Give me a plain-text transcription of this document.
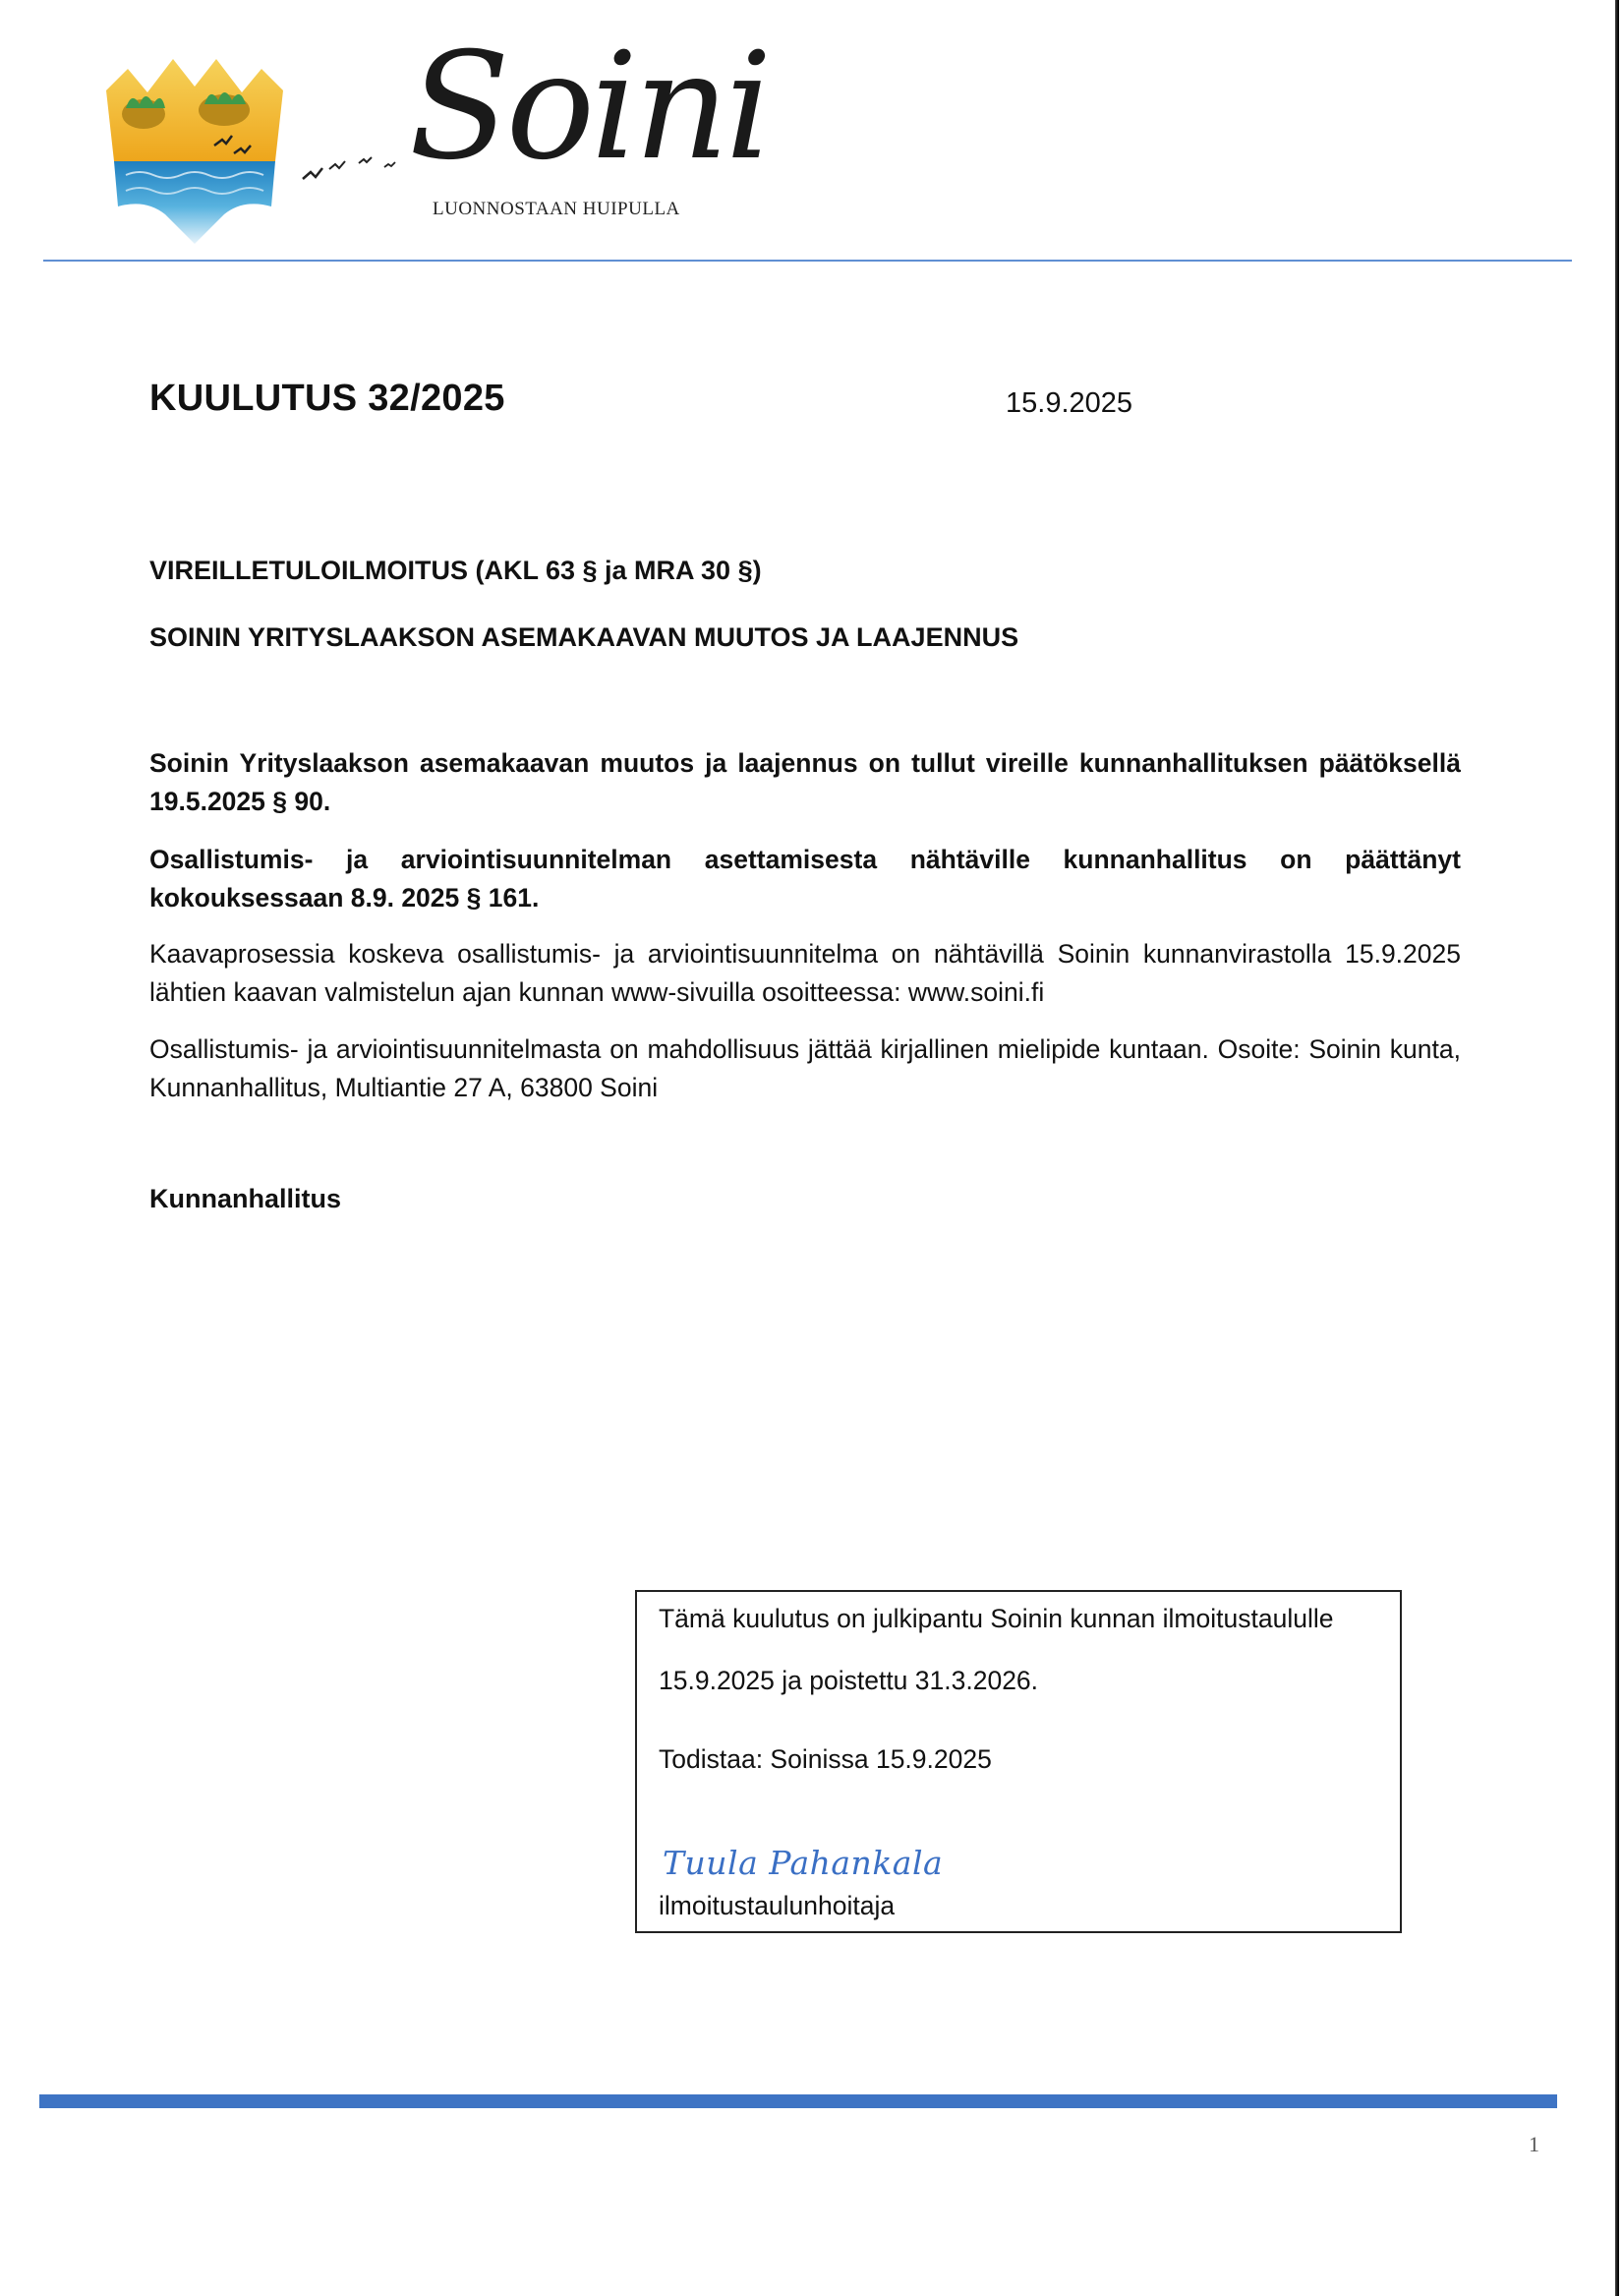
Soini
LUONNOSTAAN HUIPULLA
KUULUTUS 32/2025	15.9.2025
VIREILLETULOILMOITUS (AKL 63 § ja MRA 30 §)
SOININ YRITYSLAAKSON ASEMAKAAVAN MUUTOS JA LAAJENNUS
Soinin Yrityslaakson asemakaavan muutos ja laajennus on tullut vireille kunnanhallituksen päätöksellä 19.5.2025 § 90.
Osallistumis- ja arviointisuunnitelman asettamisesta nähtäville kunnanhallitus on päättänyt kokouksessaan 8.9. 2025 § 161.
Kaavaprosessia koskeva osallistumis- ja arviointisuunnitelma on nähtävillä Soinin kunnanvirastolla 15.9.2025 lähtien kaavan valmistelun ajan kunnan www-sivuilla osoitteessa: www.soini.fi
Osallistumis- ja arviointisuunnitelmasta on mahdollisuus jättää kirjallinen mielipide kuntaan. Osoite: Soinin kunta, Kunnanhallitus, Multiantie 27 A, 63800 Soini
Kunnanhallitus
Tämä kuulutus on julkipantu Soinin kunnan ilmoitustaululle
15.9.2025 ja poistettu 31.3.2026.
Todistaa: Soinissa 15.9.2025
Tuula Pahankala
ilmoitustaulunhoitaja
1
